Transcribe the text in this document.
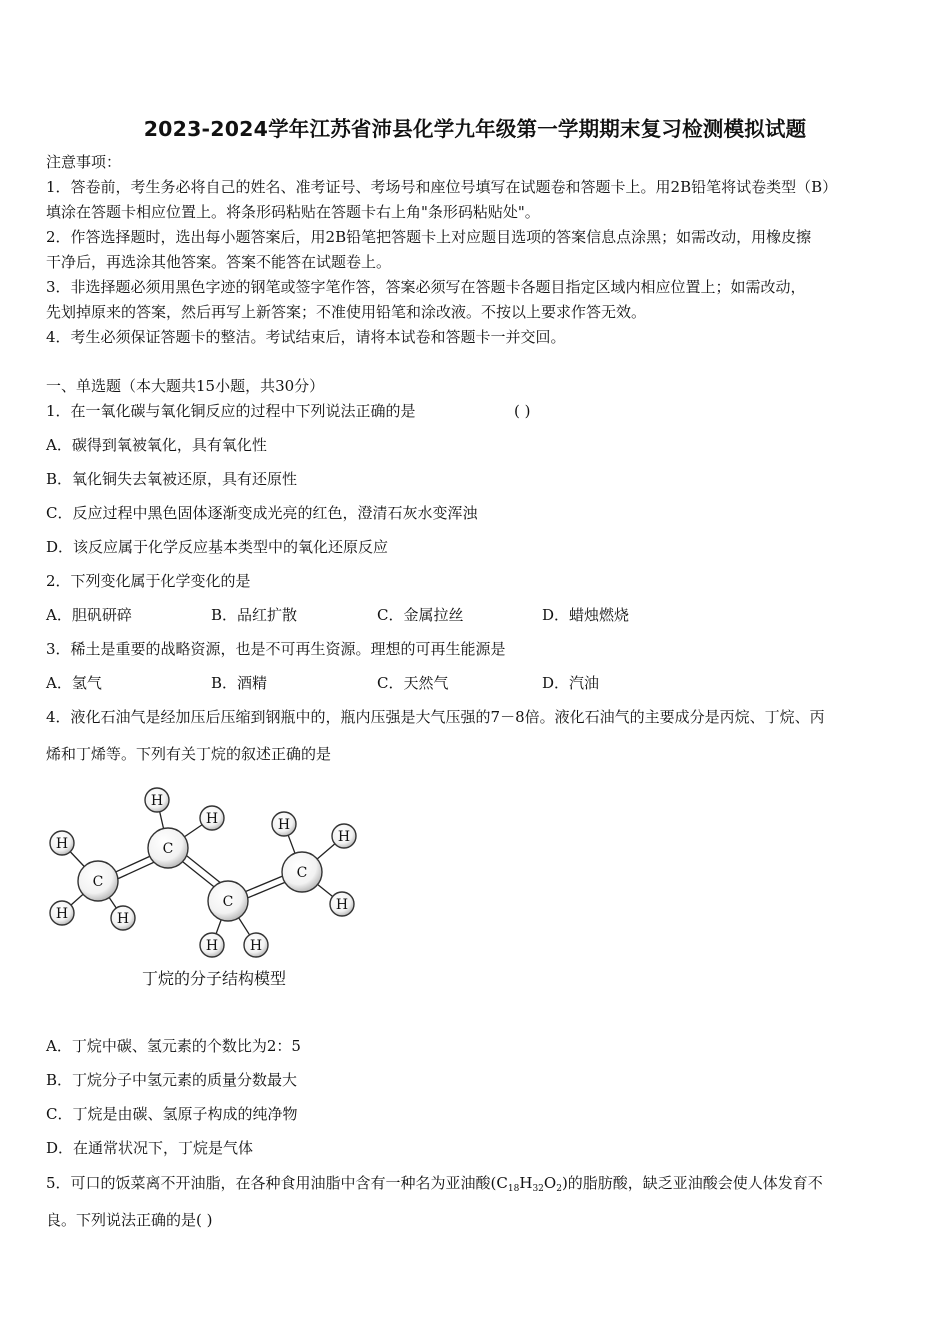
2023-2024学年江苏省沛县化学九年级第一学期期末复习检测模拟试题
注意事项：
1．答卷前，考生务必将自己的姓名、准考证号、考场号和座位号填写在试题卷和答题卡上。用2B铅笔将试卷类型（B）
填涂在答题卡相应位置上。将条形码粘贴在答题卡右上角"条形码粘贴处"。
2．作答选择题时，选出每小题答案后，用2B铅笔把答题卡上对应题目选项的答案信息点涂黑；如需改动，用橡皮擦
干净后，再选涂其他答案。答案不能答在试题卷上。
3．非选择题必须用黑色字迹的钢笔或签字笔作答，答案必须写在答题卡各题目指定区域内相应位置上；如需改动，
先划掉原来的答案，然后再写上新答案；不准使用铅笔和涂改液。不按以上要求作答无效。
4．考生必须保证答题卡的整洁。考试结束后，请将本试卷和答题卡一并交回。
一、单选题（本大题共15小题，共30分）
1．在一氧化碳与氧化铜反应的过程中下列说法正确的是	( )
A．碳得到氧被氧化，具有氧化性
B．氧化铜失去氧被还原，具有还原性
C．反应过程中黑色固体逐渐变成光亮的红色，澄清石灰水变浑浊
D．该反应属于化学反应基本类型中的氧化还原反应
2．下列变化属于化学变化的是
A．胆矾研碎	B．品红扩散	C．金属拉丝	D．蜡烛燃烧
3．稀土是重要的战略资源，也是不可再生资源。理想的可再生能源是
A．氢气	B．酒精	C．天然气	D．汽油
4．液化石油气是经加压后压缩到钢瓶中的，瓶内压强是大气压强的7－8倍。液化石油气的主要成分是丙烷、丁烷、丙
烯和丁烯等。下列有关丁烷的叙述正确的是
H
H	H
H
H
H H
H
H
H
C
C
C
C
丁烷的分子结构模型
A．丁烷中碳、氢元素的个数比为2：5
B．丁烷分子中氢元素的质量分数最大
C．丁烷是由碳、氢原子构成的纯净物
D．在通常状况下，丁烷是气体
5．可口的饭菜离不开油脂，在各种食用油脂中含有一种名为亚油酸$(C_{18}H_{32}O_2)$的脂肪酸，缺乏亚油酸会使人体发育不
良。下列说法正确的是( )
